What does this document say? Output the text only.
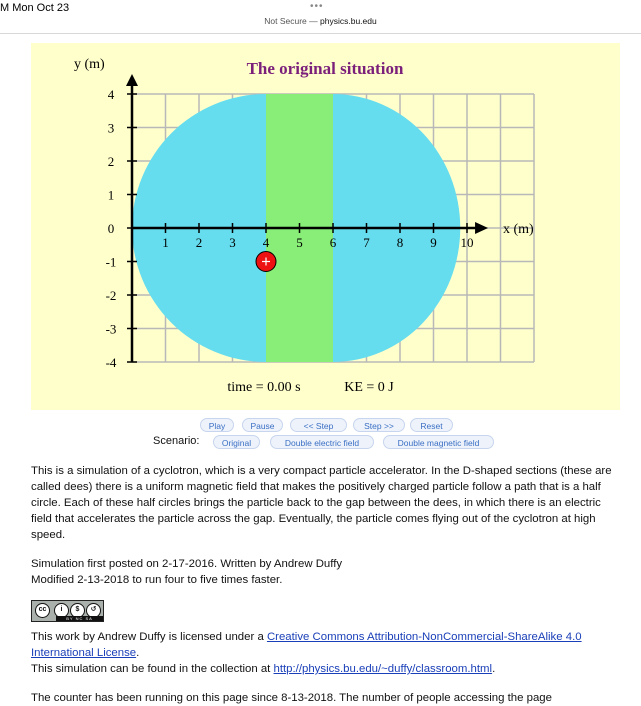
M Mon Oct 23	•••
Not Secure — physics.bu.edu
1 2 3 4 5 6 7 8 9 10
4
3
2
1
0
-1
-2
-3
-4
y (m)
x (m)
The original situation
time = 0.00 s	KE = 0 J
Play	Pause	<< Step	Step >>	Reset
Original	Double electric field	Double magnetic field
Scenario:
This is a simulation of a cyclotron, which is a very compact particle accelerator. In the D-shaped sections (these are called dees) there is a uniform magnetic field that makes the positively charged particle follow a path that is a half circle. Each of these half circles brings the particle back to the gap between the dees, in which there is an electric field that accelerates the particle across the gap. Eventually, the particle comes flying out of the cyclotron at high speed.
Simulation first posted on 2-17-2016. Written by Andrew Duffy
Modified 2-13-2018 to run four to five times faster.
cc	i	$	↺
BY NC SA
This work by Andrew Duffy is licensed under a Creative Commons Attribution-NonCommercial-ShareAlike 4.0 International License.
This simulation can be found in the collection at http://physics.bu.edu/~duffy/classroom.html.
The counter has been running on this page since 8-13-2018. The number of people accessing the page
